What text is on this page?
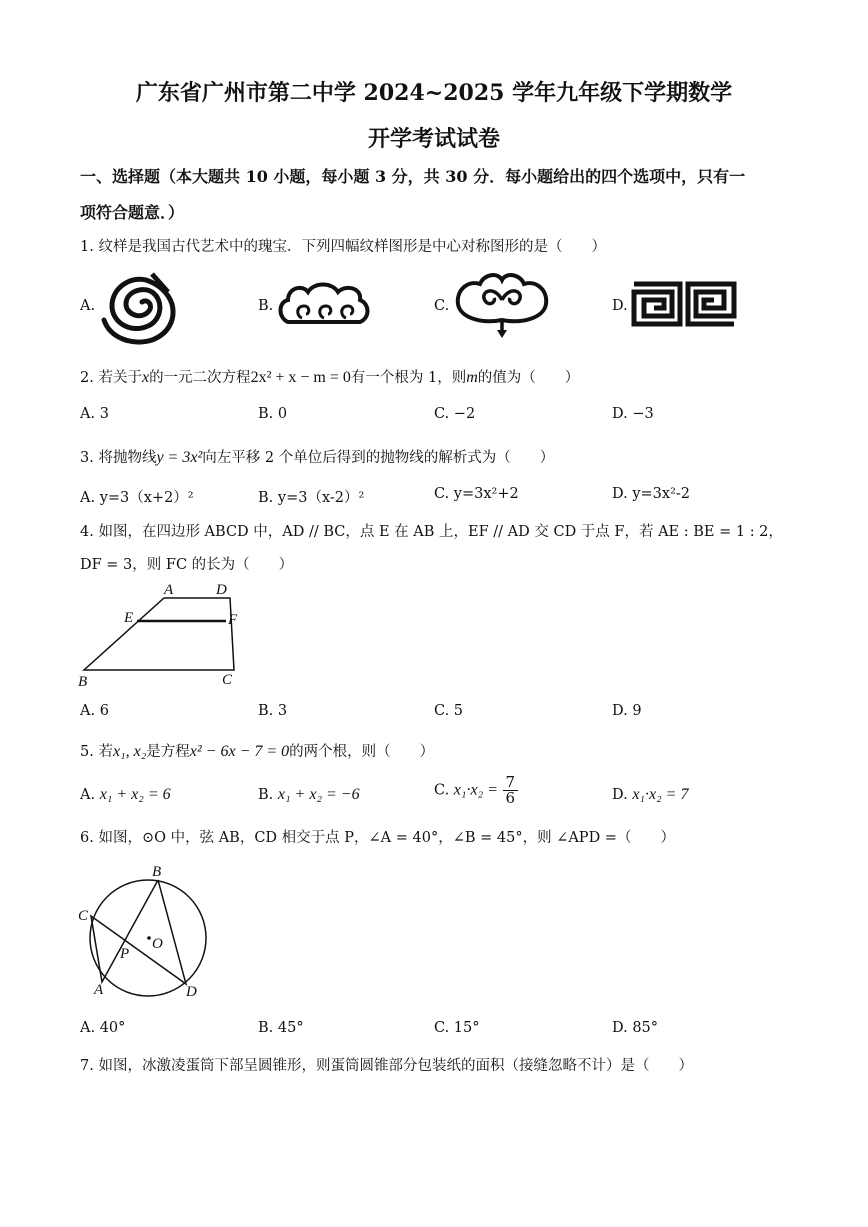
广东省广州市第二中学 2024~2025 学年九年级下学期数学
开学考试试卷
一、选择题（本大题共 10 小题，每小题 3 分，共 30 分．每小题给出的四个选项中，只有一
项符合题意．）
1. 纹样是我国古代艺术中的瑰宝．下列四幅纹样图形是中心对称图形的是（　　）
A.	B.	C.	D.
2. 若关于x的一元二次方程2x² + x − m = 0有一个根为 1，则m的值为（　　）
A. 3	B. 0	C. −2	D. −3
3. 将抛物线y = 3x²向左平移 2 个单位后得到的抛物线的解析式为（　　）
A. y=3（x+2）²	B. y=3（x-2）²	C. y=3x²+2	D. y=3x²-2
4. 如图，在四边形 ABCD 中，AD // BC，点 E 在 AB 上，EF // AD 交 CD 于点 F，若 AE : BE = 1 : 2，
DF = 3，则 FC 的长为（　　）
A	D
E	F
B	C
A. 6	B. 3	C. 5	D. 9
5. 若x₁, x₂是方程x² − 6x − 7 = 0的两个根，则（　　）
A. x₁ + x₂ = 6	B. x₁ + x₂ = −6	C. $x_1\cdot x_2 = \frac{7}{6}$	D. x₁·x₂ = 7
6. 如图，⊙O 中，弦 AB，CD 相交于点 P，∠A = 40°，∠B = 45°，则 ∠APD =（　　）
B
C
O
P
A	D
A. 40°	B. 45°	C. 15°	D. 85°
7. 如图，冰激凌蛋筒下部呈圆锥形，则蛋筒圆锥部分包装纸的面积（接缝忽略不计）是（　　）
